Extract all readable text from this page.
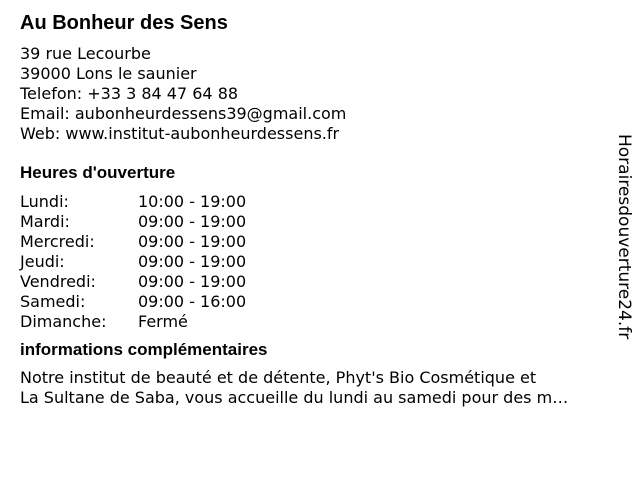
Au Bonheur des Sens
39 rue Lecourbe
39000 Lons le saunier
Telefon: +33 3 84 47 64 88
Email: aubonheurdessens39@gmail.com
Web: www.institut-aubonheurdessens.fr
Heures d'ouverture
Lundi:	10:00 - 19:00
Mardi:	09:00 - 19:00
Mercredi:	09:00 - 19:00
Jeudi:	09:00 - 19:00
Vendredi:	09:00 - 19:00
Samedi:	09:00 - 16:00
Dimanche:	Fermé
informations complémentaires
Notre institut de beauté et de détente, Phyt's Bio Cosmétique et
La Sultane de Saba, vous accueille du lundi au samedi pour des m…
Horairesdouverture24.fr
